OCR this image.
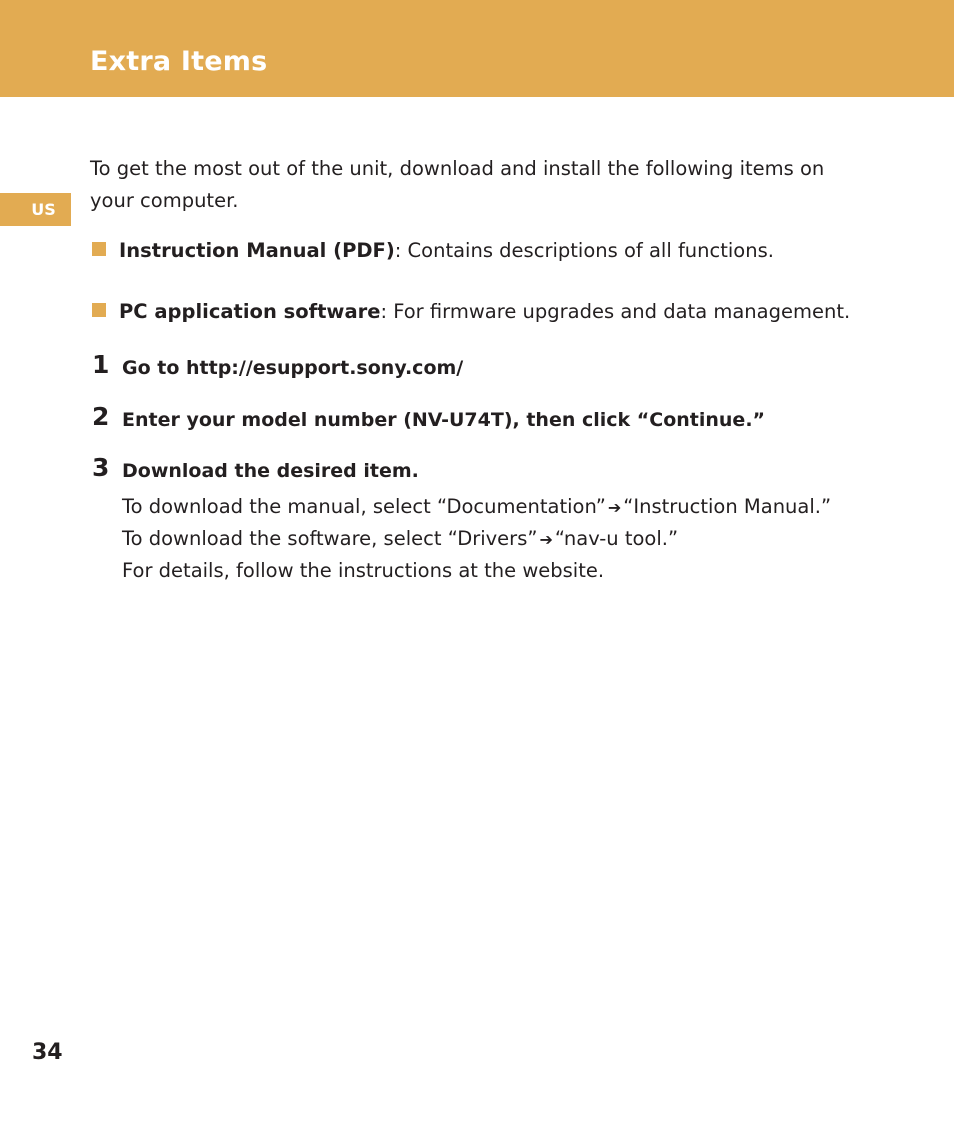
Extra Items
US
To get the most out of the unit, download and install the following items on your computer.
Instruction Manual (PDF): Contains descriptions of all functions.
PC application software: For firmware upgrades and data management.
1 Go to http://esupport.sony.com/
2 Enter your model number (NV-U74T), then click “Continue.”
3 Download the desired item.
To download the manual, select “Documentation” ➔ “Instruction Manual.”
To download the software, select “Drivers” ➔ “nav-u tool.”
For details, follow the instructions at the website.
34
